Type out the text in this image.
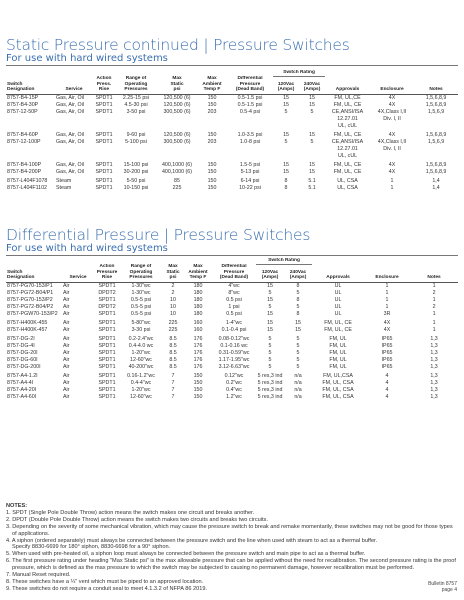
Static Pressure continued | Pressure Switches
For use with hard wired systems
							Switch Rating				
Switch
Designation	Service	Action
Press.
Rise	Range of
Operating
Pressures	Max
Static
psi	Max
Ambient
Temp F	Differential
Pressure
(Dead Band)	120Vac
(Amps)	240Vac
(Amps)	Approvals	Enclosure	Notes
8757-B4-15P	Gas, Air, Oil	SPDT1	2.25-15 psi	120,500 (6)	150	0.5-1.5 psi	15	15	FM, UL,CE	4X	1,5,6,8,9
8757-B4-30P	Gas, Air, Oil	SPDT1	4.5-30 psi	120,500 (6)	150	0.5-1.5 psi	15	15	FM, UL, CE	4X	1,5,6,8,9
8757-12-50P	Gas, Air, Oil	SPDT1	3-50 psi	300,500 (6)	203	0.5-4 psi	5	5	CE,ANSI/ISA	4X,Class I,II	1,5,6,9
									12.27.01	Div. I, II	
									UL, cUL		
8757-B4-60P	Gas, Air, Oil	SPDT1	9-60 psi	120,500 (6)	150	1.0-3.5 psi	15	15	FM, UL, CE	4X	1,5,6,8,9
8757-12-100P	Gas, Air, Oil	SPDT1	5-100 psi	300,500 (6)	203	1.0-8 psi	5	5	CE,ANSI/ISA	4X,Class I,II	1,5,6,9
									12.27.01	Div. I, II	
									UL, cUL		
8757-B4-100P	Gas, Air, Oil	SPDT1	15-100 psi	400,1000 (6)	150	1.5-5 psi	15	15	FM, UL, CE	4X	1,5,6,8,9
8757-B4-200P	Gas, Air, Oil	SPDT1	30-200 psi	400,1000 (6)	150	5-13 psi	15	15	FM, UL, CE	4X	1,5,6,8,9
8757-L404F1078	Steam	SPDT1	5-50 psi	85	150	6-14 psi	8	5.1	UL, CSA	1	1,4
8757-L404F1102	Steam	SPDT1	10-150 psi	225	150	10-22 psi	8	5.1	UL, CSA	1	1,4
Differential Pressure | Pressure Switches
For use with hard wired systems
							Switch Rating				
Switch
Designation	Service	Action
Pressure
Rise	Range of
Operating
Pressures	Max
Static
psi	Max
Ambient
Temp F	Differential
Pressure
(Dead Band)	120Vac
(Amps)	240Vac
(Amps)	Approvals	Enclosure	Notes
8757-PG70-153/P1	Air	SPDT1	1-30"wc	2	180	4"wc	15	8	UL	1	1
8757-PG72-B04/P1	Air	DPDT2	1-30"wc	2	180	8"wc	5	5	UL	1	2
8757-PG70-153/P2	Air	SPDT1	0.5-5 psi	10	180	0.5 psi	15	8	UL	1	1
8757-PG72-B04/P2	Air	DPDT2	0.5-5 psi	10	180	1 psi	5	5	UL	1	2
8757-PGW70-153/P2	Air	SPDT1	0.5-5 psi	10	180	0.5 psi	15	8	UL	3R	1
8757-H400K-455	Air	SPDT1	5-80"wc	225	160	1-4"wc	15	15	FM, UL, CE	4X	1
8757-H400K-457	Air	SPDT1	3-30 psi	225	160	0.1-0.4 psi	15	15	FM, UL, CE	4X	1
8757-DG-2I	Air	SPDT1	0.2-2.4"wc	8.5	176	0.08-0.12"wc	5	5	FM, UL	IP65	1,3
8757-DG-4I	Air	SPDT1	0.4-4.0 wc	8.5	176	0.1-0.16 wc	5	5	FM, UL	IP65	1,3
8757-DG-20I	Air	SPDT1	1-20"wc	8.5	176	0.31-0.59"wc	5	5	FM, UL	IP65	1,3
8757-DG-60I	Air	SPDT1	12-60"wc	8.5	176	1.17-1.95"wc	5	5	FM, UL	IP65	1,3
8757-DG-200I	Air	SPDT1	40-200"wc	8.5	176	3.12-6.63"wc	5	5	FM, UL	IP65	1,3
8757-A4-1.2I	Air	SPDT1	0.16-1.2"wc	7	150	0.12"wc	5 res,3 ind	n/a	FM, UL,CSA	4	1,3
8757-A4-4I	Air	SPDT1	0.4-4"wc	7	150	0.2"wc	5 res,3 ind	n/a	FM, UL, CSA	4	1,3
8757-A4-20I	Air	SPDT1	1-20"wc	7	150	0.4"wc	5 res,3 ind	n/a	FM, UL, CSA	4	1,3
8757-A4-60I	Air	SPDT1	12-60"wc	7	150	1.2"wc	5 res,3 ind	n/a	FM, UL, CSA	4	1,3
NOTES:
1. SPDT (Single Pole Double Throw) action means the switch makes one circuit and breaks another.
2. DPDT (Double Pole Double Throw) action means the switch makes two circuits and breaks two circuits.
3. Depending on the severity of some mechanical vibration, which may cause the pressure switch to break and remake momentarily, these switches may not be good for those types of applications.
4. A siphon (ordered separately) must always be connected between the pressure switch and the line when used with steam to act as a thermal buffer.
Specify 8830-6699 for 180° siphon, 8830-6698 for a 90° siphon.
5. When used with pre-heated oil, a siphon loop must always be connected between the pressure switch and main pipe to act as a thermal buffer.
6. The first pressure rating under heading "Max Static psi" is the max allowable pressure that can be applied without the need for recalibration. The second pressure rating is the proof pressure, which is defined as the max pressure to which the switch may be subjected to causing no permanent damage, however recalibration must be performed.
7. Manual Reset required.
8. These switches have a ¼" vent which must be piped to an approved location.
9. These switches do not require a conduit seal to meet 4.1.3.2 of NFPA 86 2019.
Bulletin 8757
page 4
